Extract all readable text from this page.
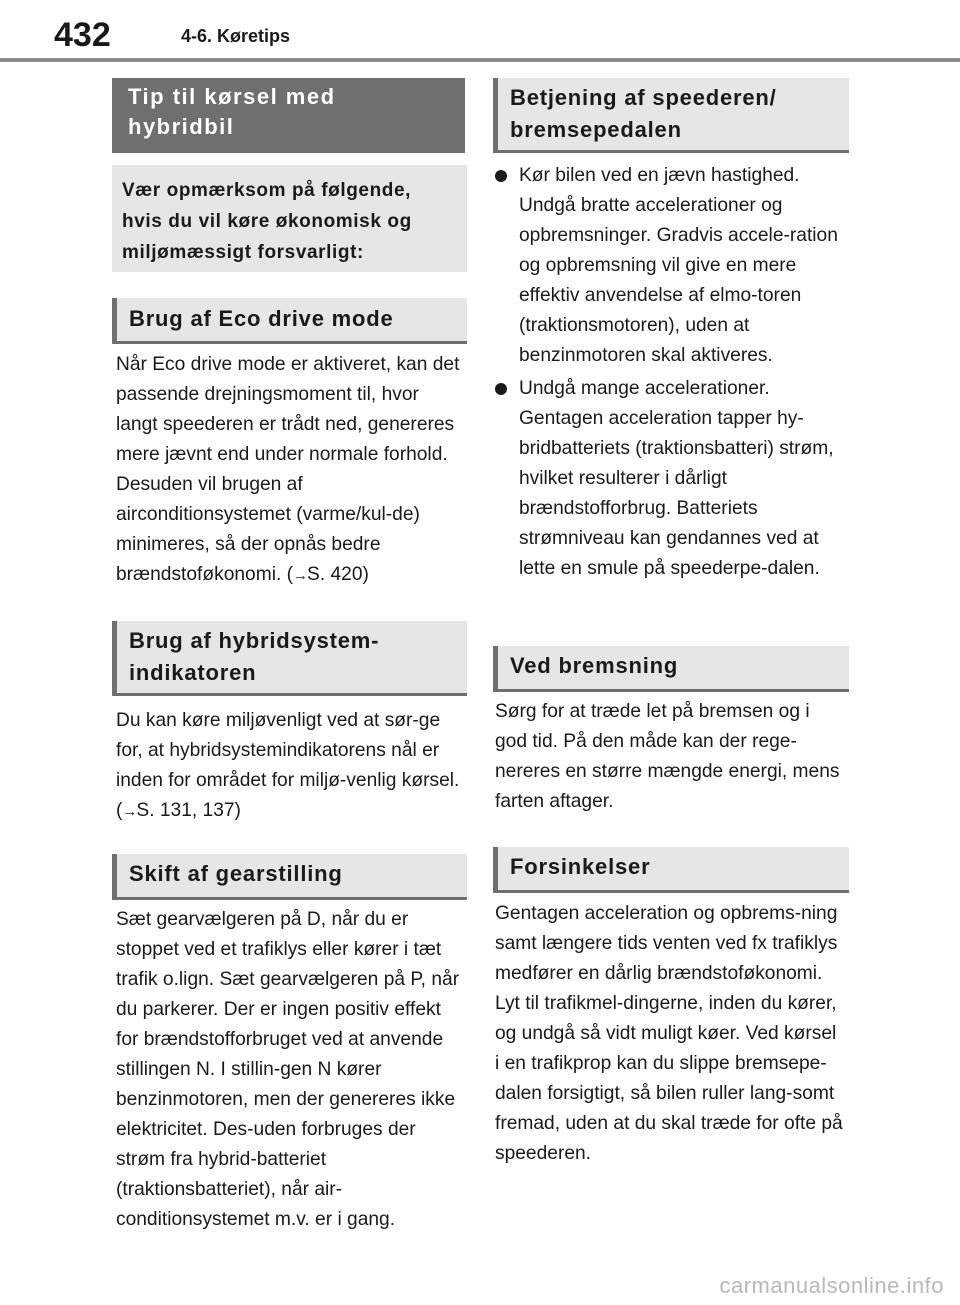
432	4-6. Køretips
Tip til kørsel med hybridbil
Vær opmærksom på følgende, hvis du vil køre økonomisk og miljømæssigt forsvarligt:
Brug af Eco drive mode

Når Eco drive mode er aktiveret, kan det passende drejningsmoment til, hvor langt speederen er trådt ned, genereres mere jævnt end under normale forhold. Desuden vil brugen af airconditionsystemet (varme/kul-de) minimeres, så der opnås bedre brændstoføkonomi. (→S. 420)

Brug af hybridsystem-indikatoren

Du kan køre miljøvenligt ved at sør-ge for, at hybridsystemindikatorens nål er inden for området for miljø-venlig kørsel. (→S. 131, 137)

Skift af gearstilling

Sæt gearvælgeren på D, når du er stoppet ved et trafiklys eller kører i tæt trafik o.lign. Sæt gearvælgeren på P, når du parkerer. Der er ingen positiv effekt for brændstofforbruget ved at anvende stillingen N. I stillin-gen N kører benzinmotoren, men der genereres ikke elektricitet. Des-uden forbruges der strøm fra hybrid-batteriet (traktionsbatteriet), når air-conditionsystemet m.v. er i gang.

Betjening af speederen/ bremsepedalen
Kør bilen ved en jævn hastighed. Undgå bratte accelerationer og opbremsninger. Gradvis accele-ration og opbremsning vil give en mere effektiv anvendelse af elmo-toren (traktionsmotoren), uden at benzinmotoren skal aktiveres.
Undgå mange accelerationer. Gentagen acceleration tapper hy-bridbatteriets (traktionsbatteri) strøm, hvilket resulterer i dårligt brændstofforbrug. Batteriets strømniveau kan gendannes ved at lette en smule på speederpe-dalen.
Ved bremsning

Sørg for at træde let på bremsen og i god tid. På den måde kan der rege-nereres en større mængde energi, mens farten aftager.

Forsinkelser

Gentagen acceleration og opbrems-ning samt længere tids venten ved fx trafiklys medfører en dårlig brændstoføkonomi. Lyt til trafikmel-dingerne, inden du kører, og undgå så vidt muligt køer. Ved kørsel i en trafikprop kan du slippe bremsepe-dalen forsigtigt, så bilen ruller lang-somt fremad, uden at du skal træde for ofte på speederen.

carmanualsonline.info
